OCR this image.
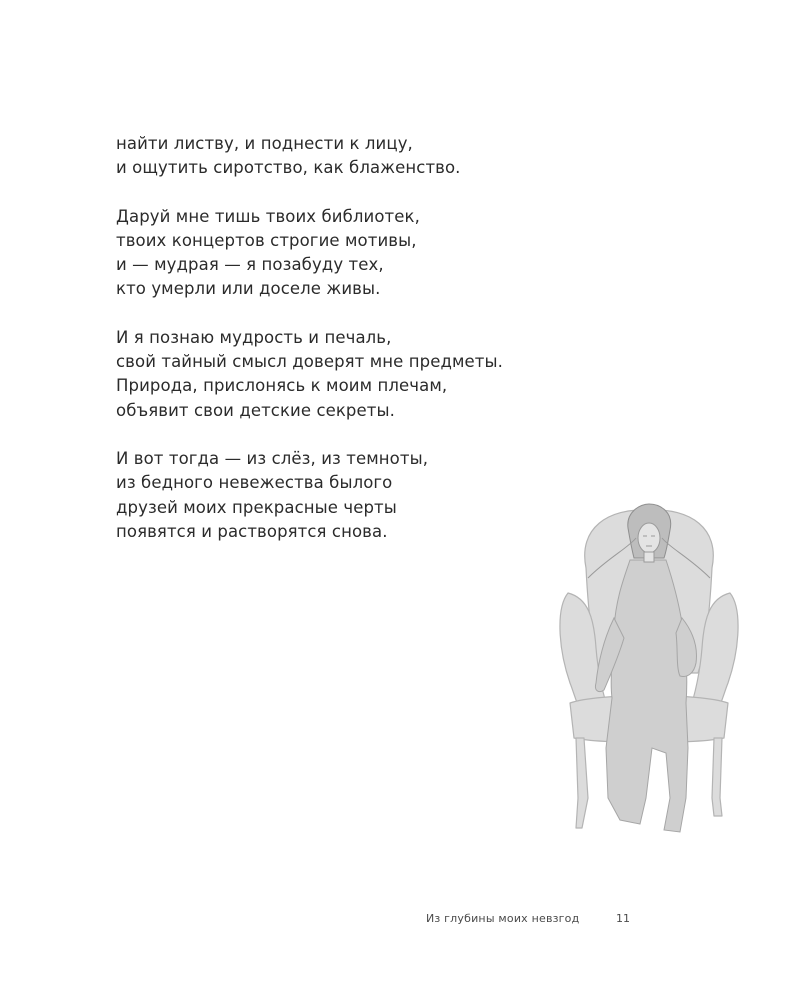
найти листву, и поднести к лицу,
и ощутить сиротство, как блаженство.
Даруй мне тишь твоих библиотек,
твоих концертов строгие мотивы,
и — мудрая — я позабуду тех,
кто умерли или доселе живы.
И я познаю мудрость и печаль,
свой тайный смысл доверят мне предметы.
Природа, прислонясь к моим плечам,
объявит свои детские секреты.
И вот тогда — из слёз, из темноты,
из бедного невежества былого
друзей моих прекрасные черты
появятся и растворятся снова.
Из глубины моих невзгод	11
